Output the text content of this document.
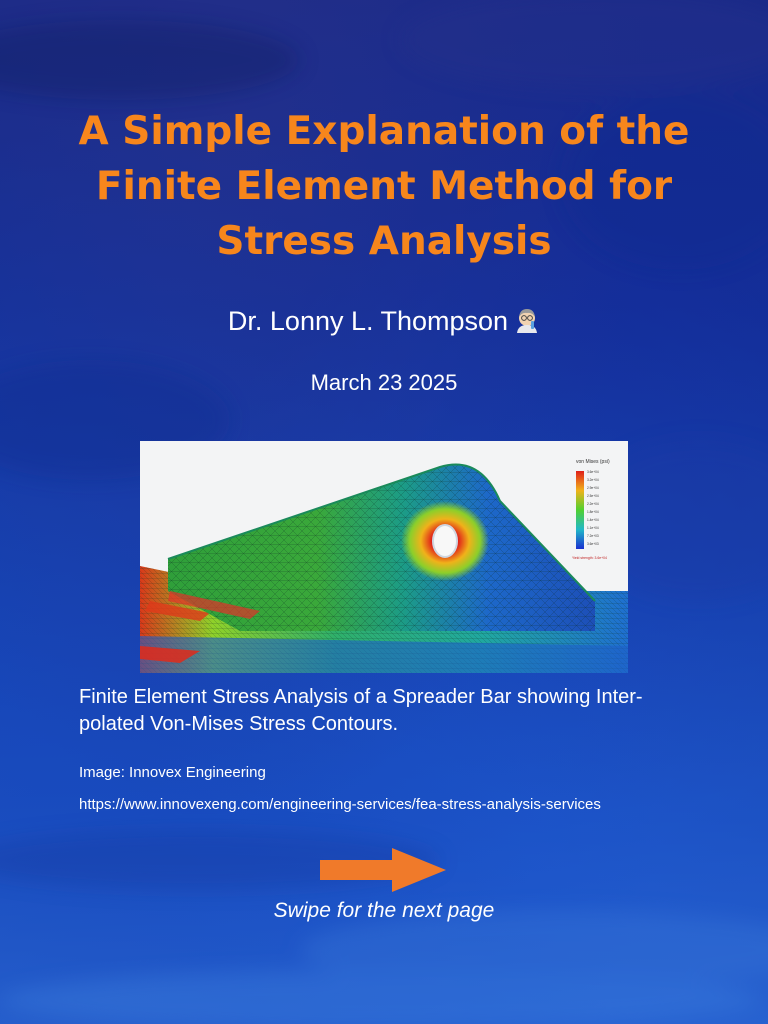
A Simple Explanation of the Finite Element Method for Stress Analysis
Dr. Lonny L. Thompson
March 23 2025
von Mises (psi)
3.6e+04
3.2e+04
2.9e+04
2.5e+04
2.2e+04
1.8e+04
1.4e+04
1.1e+04
7.2e+03
3.6e+03
Yield strength: 3.6e+04
Finite Element Stress Analysis of a Spreader Bar showing Inter-polated Von-Mises Stress Contours.
Image: Innovex Engineering
https://www.innovexeng.com/engineering-services/fea-stress-analysis-services
Swipe for the next page
